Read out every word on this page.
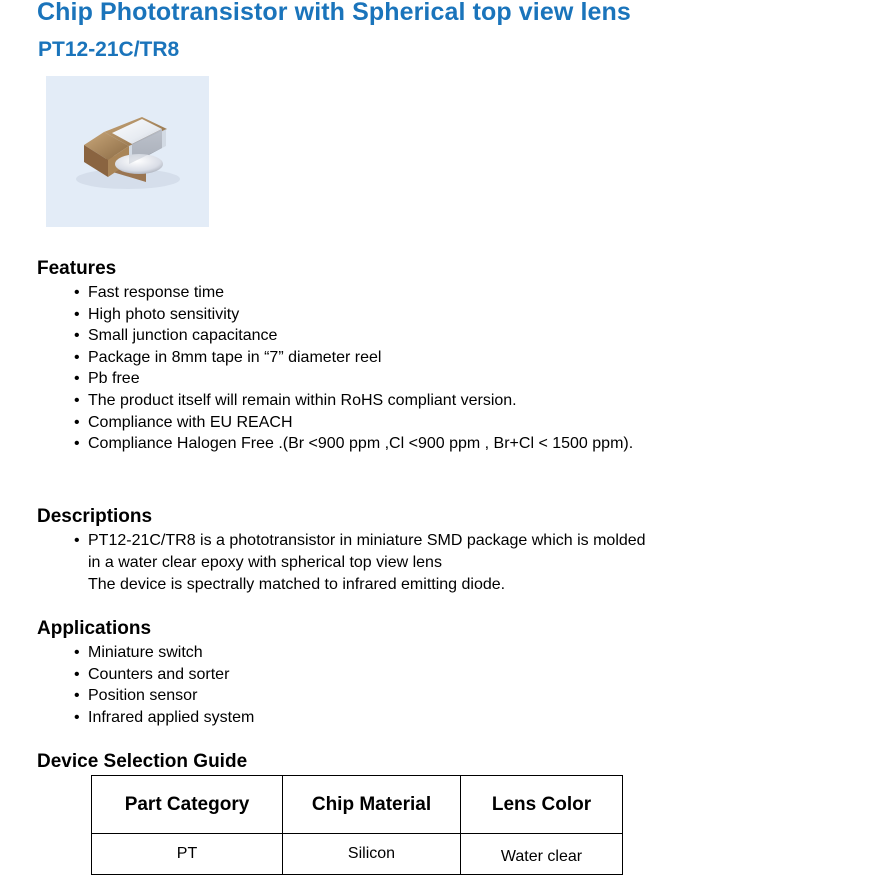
Chip Phototransistor with Spherical top view lens
PT12-21C/TR8
Features
• Fast response time
• High photo sensitivity
• Small junction capacitance
• Package in 8mm tape in “7” diameter reel
• Pb free
• The product itself will remain within RoHS compliant version.
• Compliance with EU REACH
• Compliance Halogen Free .(Br <900 ppm ,Cl <900 ppm , Br+Cl < 1500 ppm).
Descriptions
• PT12-21C/TR8 is a phototransistor in miniature SMD package which is molded
in a water clear epoxy with spherical top view lens
The device is spectrally matched to infrared emitting diode.
Applications
• Miniature switch
• Counters and sorter
• Position sensor
• Infrared applied system
Device Selection Guide
Part Category	Chip Material	Lens Color
PT	Silicon	Water clear
